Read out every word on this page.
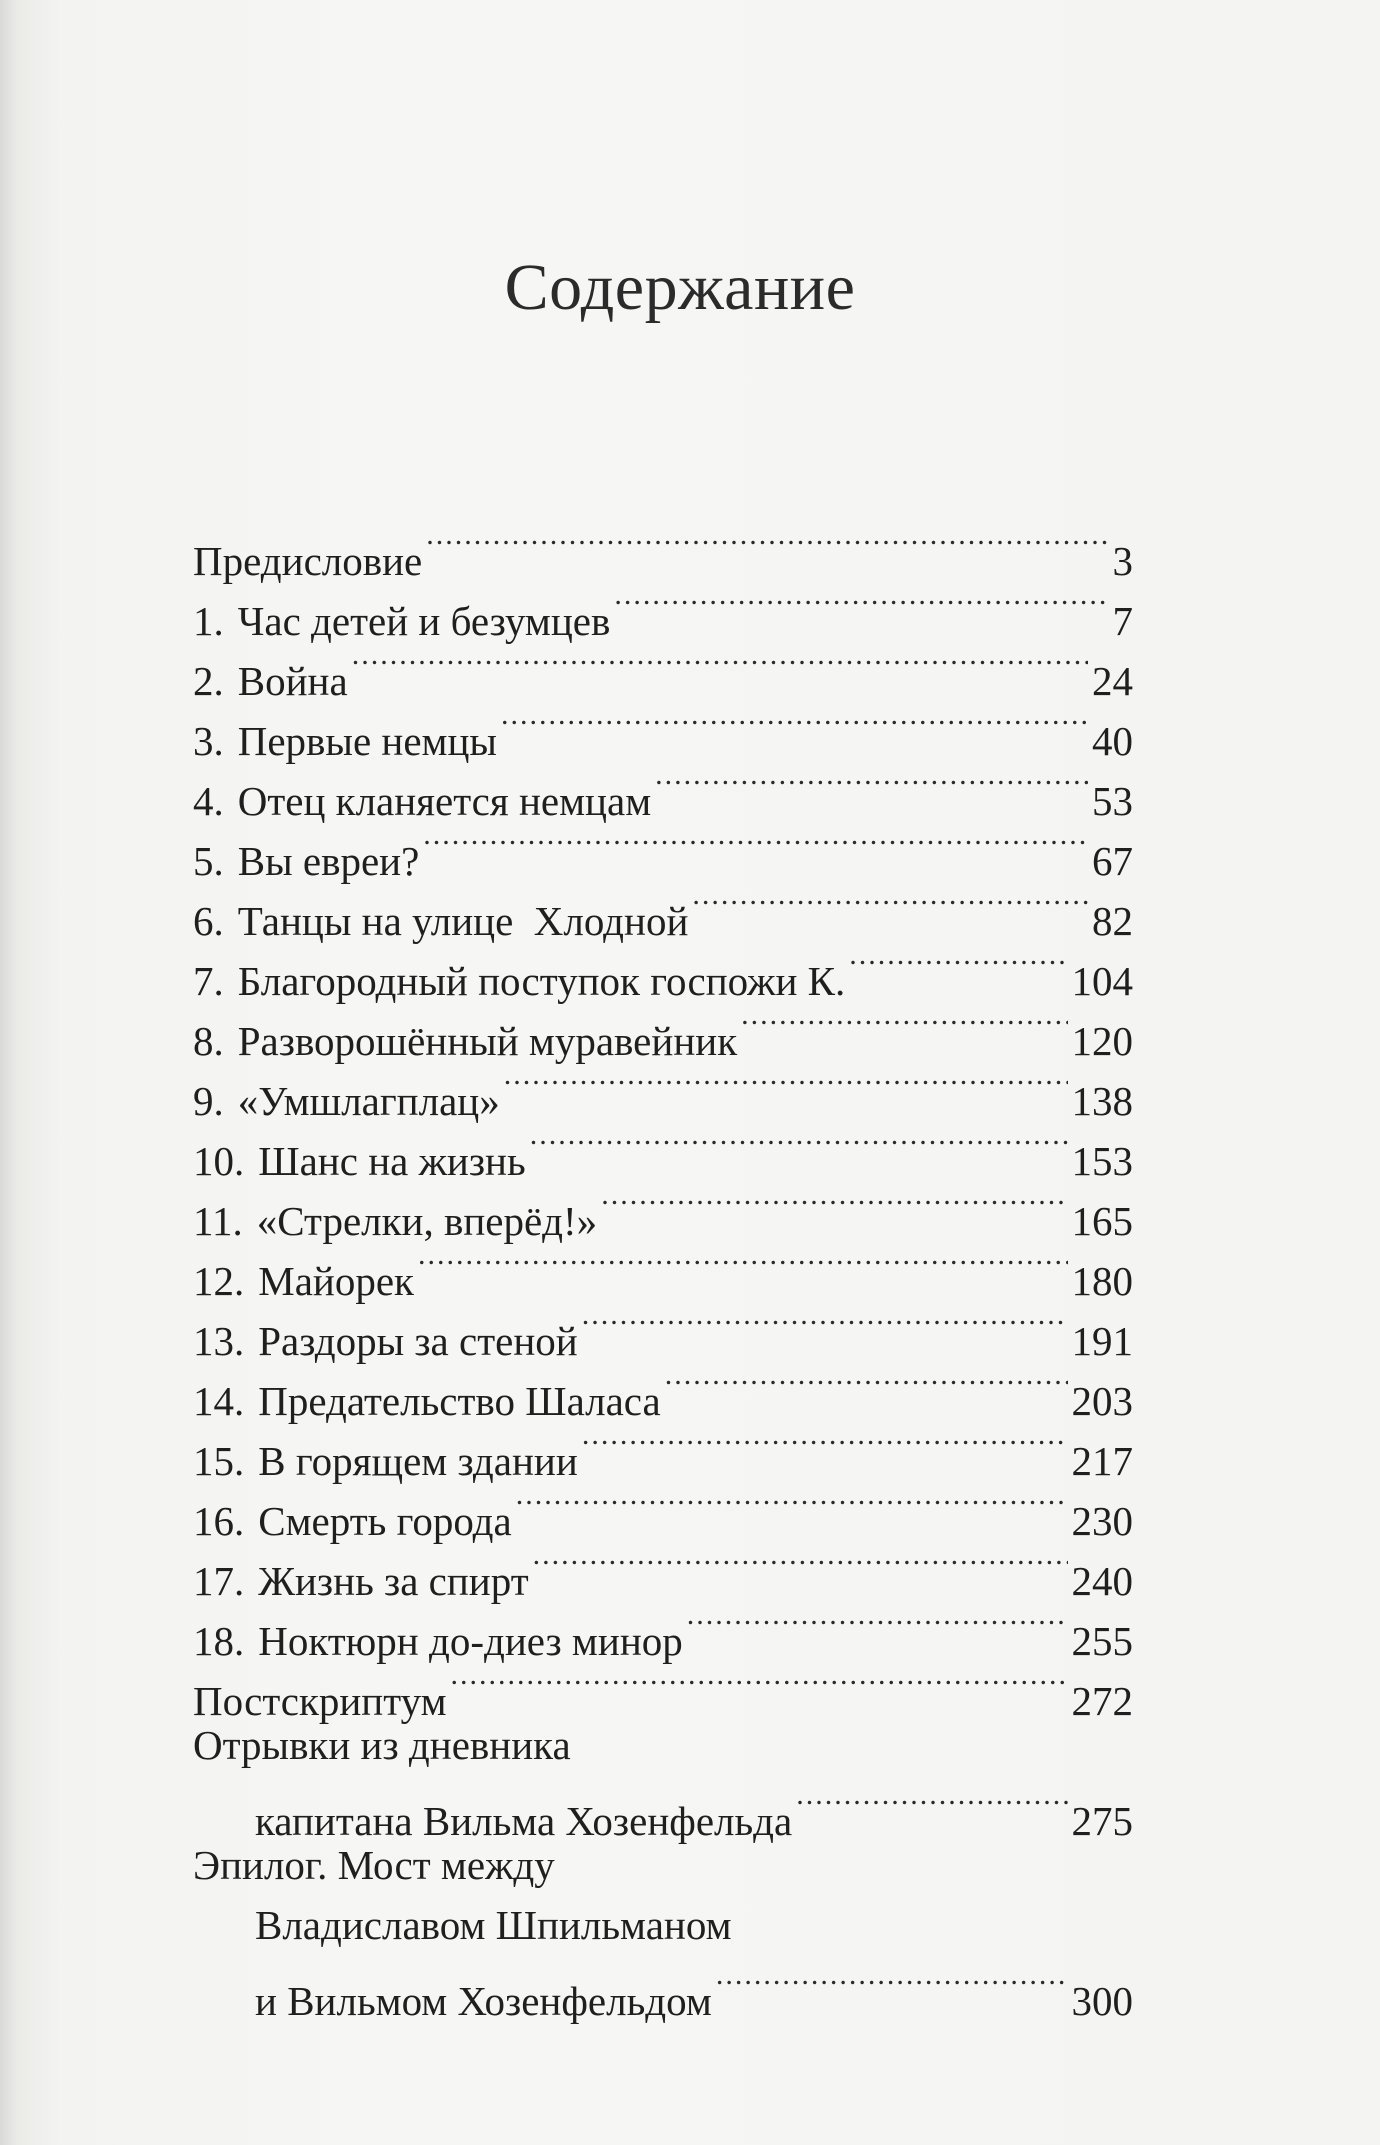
Содержание
Предисловие .....	3
1. Час детей и безумцев .....	7
2. Война .....	24
3. Первые немцы .....	40
4. Отец кланяется немцам .....	53
5. Вы евреи? .....	67
6. Танцы на улице  Хлодной .....	82
7. Благородный поступок госпожи К. .....	104
8. Разворошённый муравейник .....	120
9. «Умшлагплац» .....	138
10. Шанс на жизнь .....	153
11. «Стрелки, вперёд!» .....	165
12. Майорек .....	180
13. Раздоры за стеной .....	191
14. Предательство Шаласа .....	203
15. В горящем здании .....	217
16. Смерть города .....	230
17. Жизнь за спирт .....	240
18. Ноктюрн до-диез минор .....	255
Постскриптум .....	272
Отрывки из дневника
капитана Вильма Хозенфельда .....	275
Эпилог. Мост между
Владиславом Шпильманом
и Вильмом Хозенфельдом .....	300
